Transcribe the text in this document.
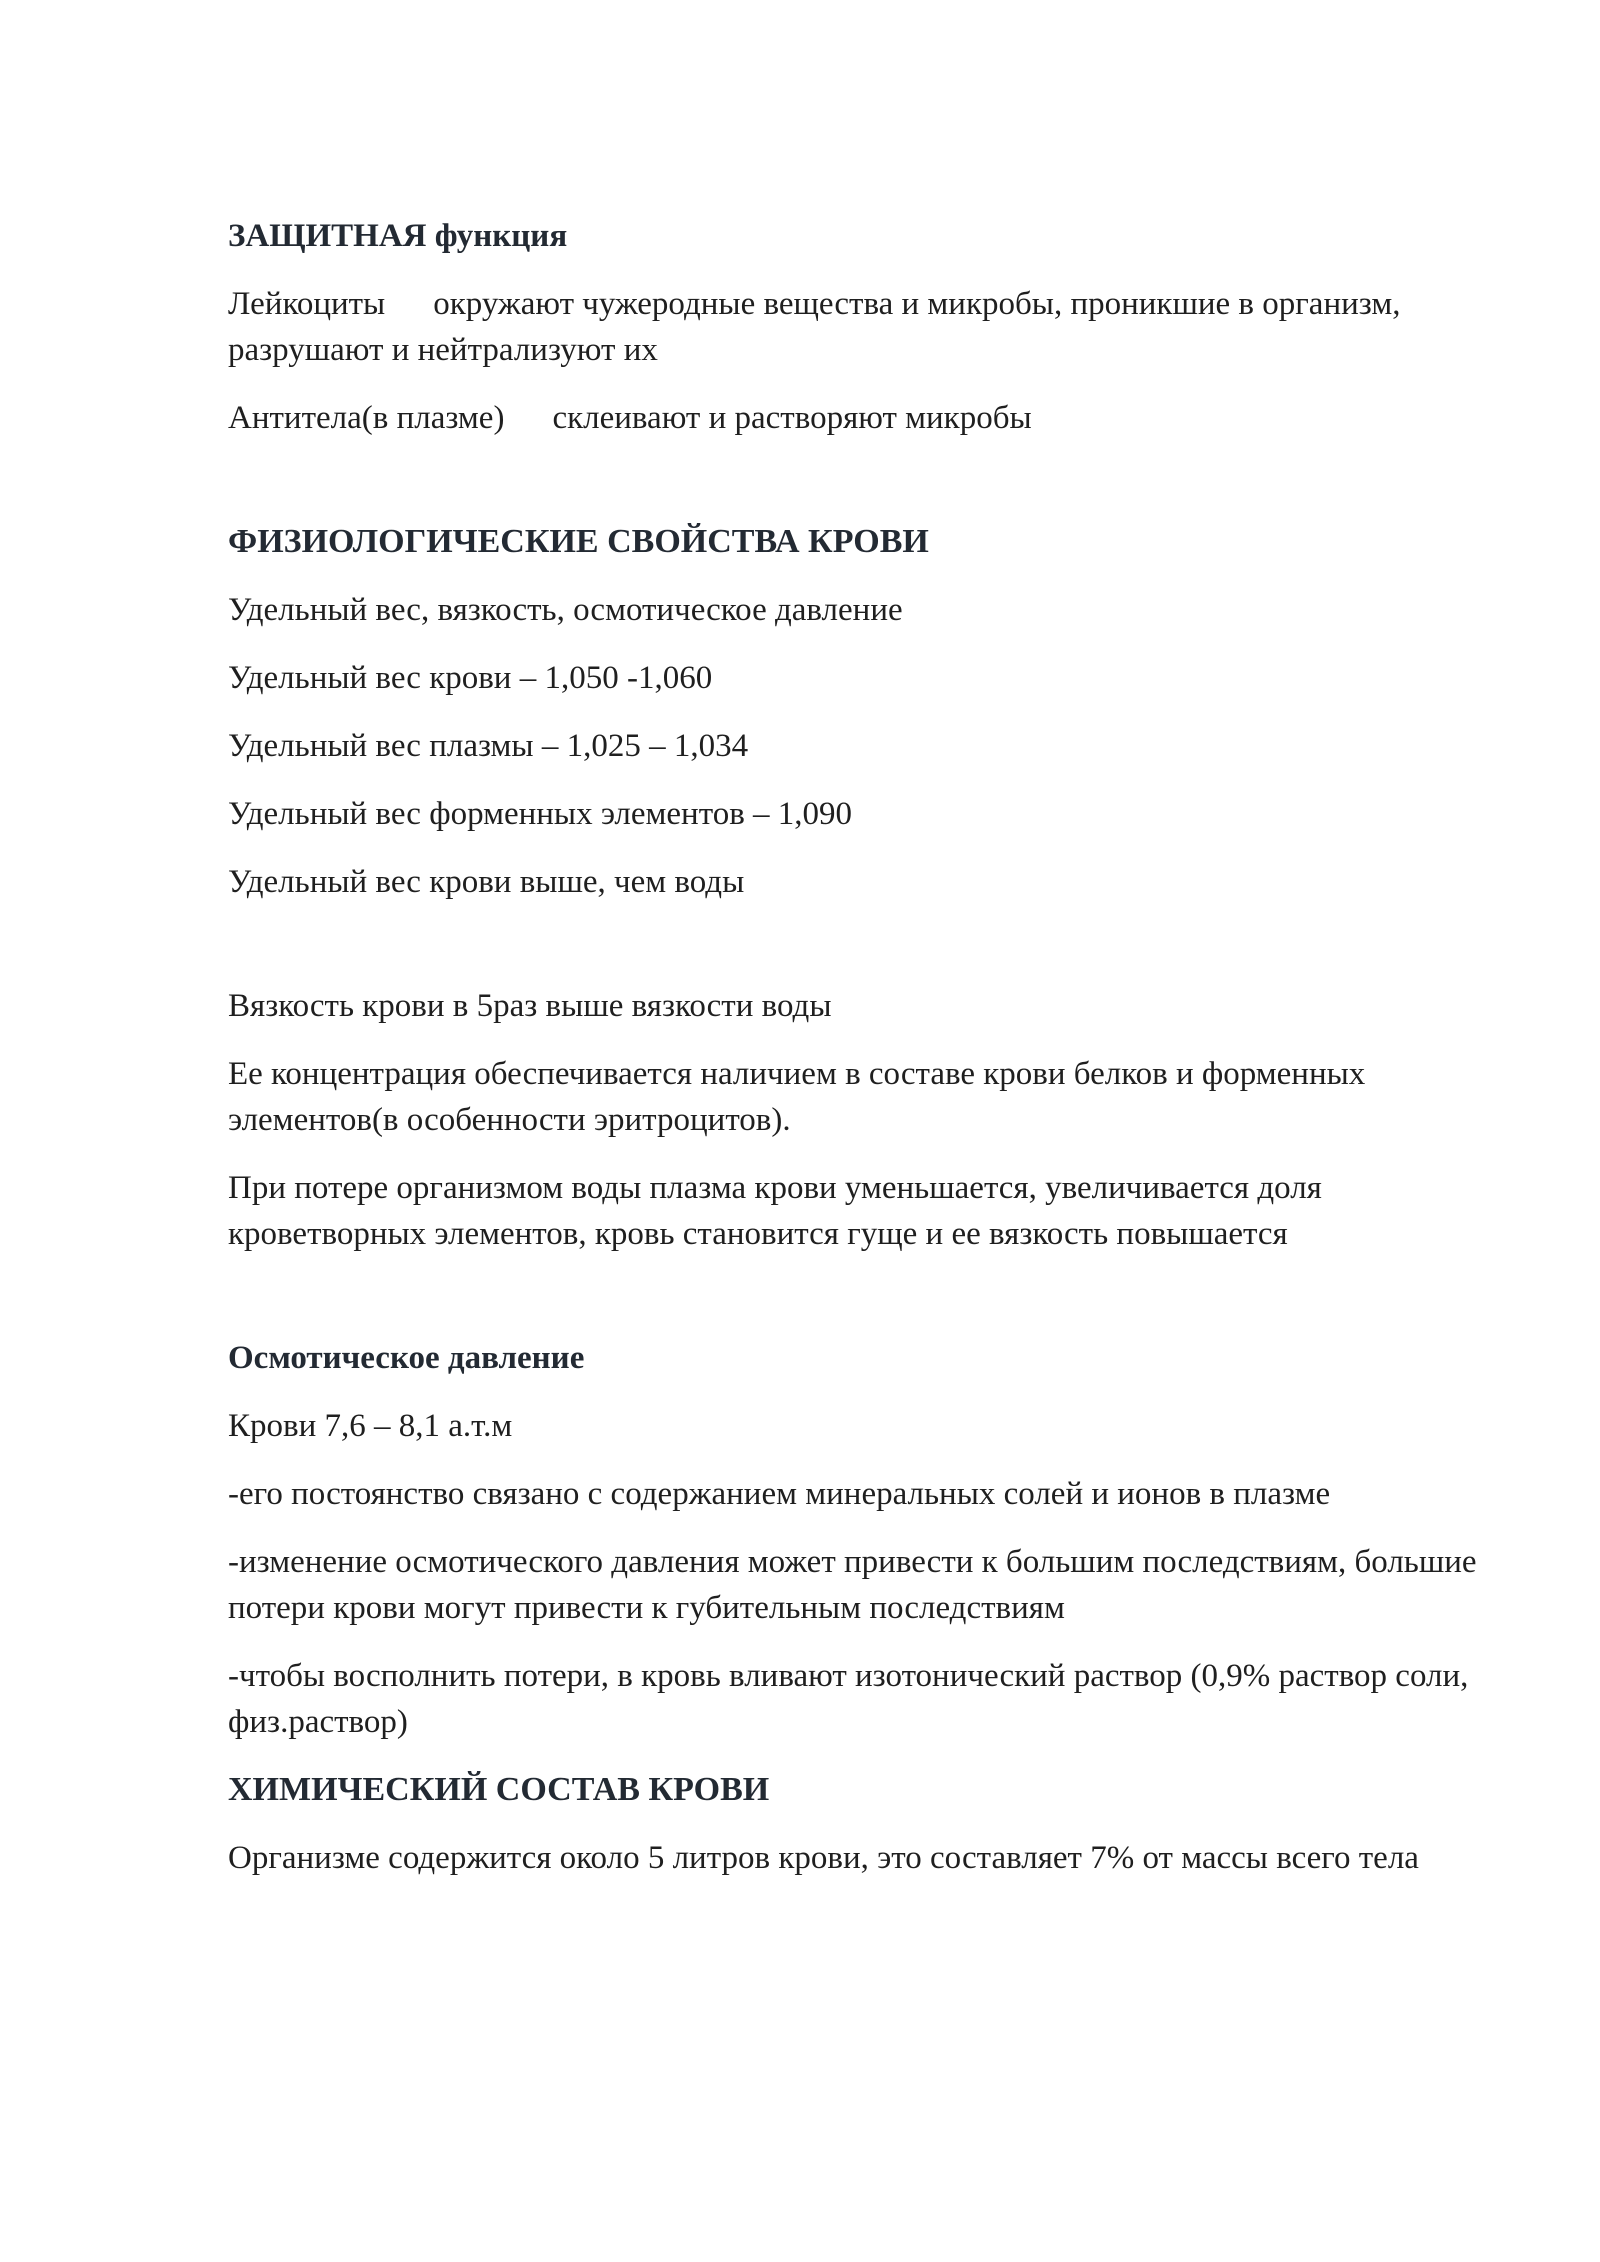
ЗАЩИТНАЯ функция
Лейкоциты окружают чужеродные вещества и микробы, проникшие в организм, разрушают и нейтрализуют их
Антитела(в плазме) склеивают и растворяют микробы
ФИЗИОЛОГИЧЕСКИЕ СВОЙСТВА КРОВИ
Удельный вес, вязкость, осмотическое давление
Удельный вес крови – 1,050 -1,060
Удельный вес плазмы – 1,025 – 1,034
Удельный вес форменных элементов – 1,090
Удельный вес крови выше, чем воды
Вязкость крови в 5раз выше вязкости воды
Ее концентрация обеспечивается наличием в составе крови белков и форменных элементов(в особенности эритроцитов).
При потере организмом воды плазма крови уменьшается, увеличивается доля кроветворных элементов, кровь становится гуще и ее вязкость повышается
Осмотическое давление
Крови 7,6 – 8,1 а.т.м
-его постоянство связано с содержанием минеральных солей и ионов в плазме
-изменение осмотического давления может привести к большим последствиям, большие потери крови могут привести к губительным последствиям
-чтобы восполнить потери, в кровь вливают изотонический раствор (0,9% раствор соли, физ.раствор)
ХИМИЧЕСКИЙ СОСТАВ КРОВИ
Организме содержится около 5 литров крови, это составляет 7% от массы всего тела
